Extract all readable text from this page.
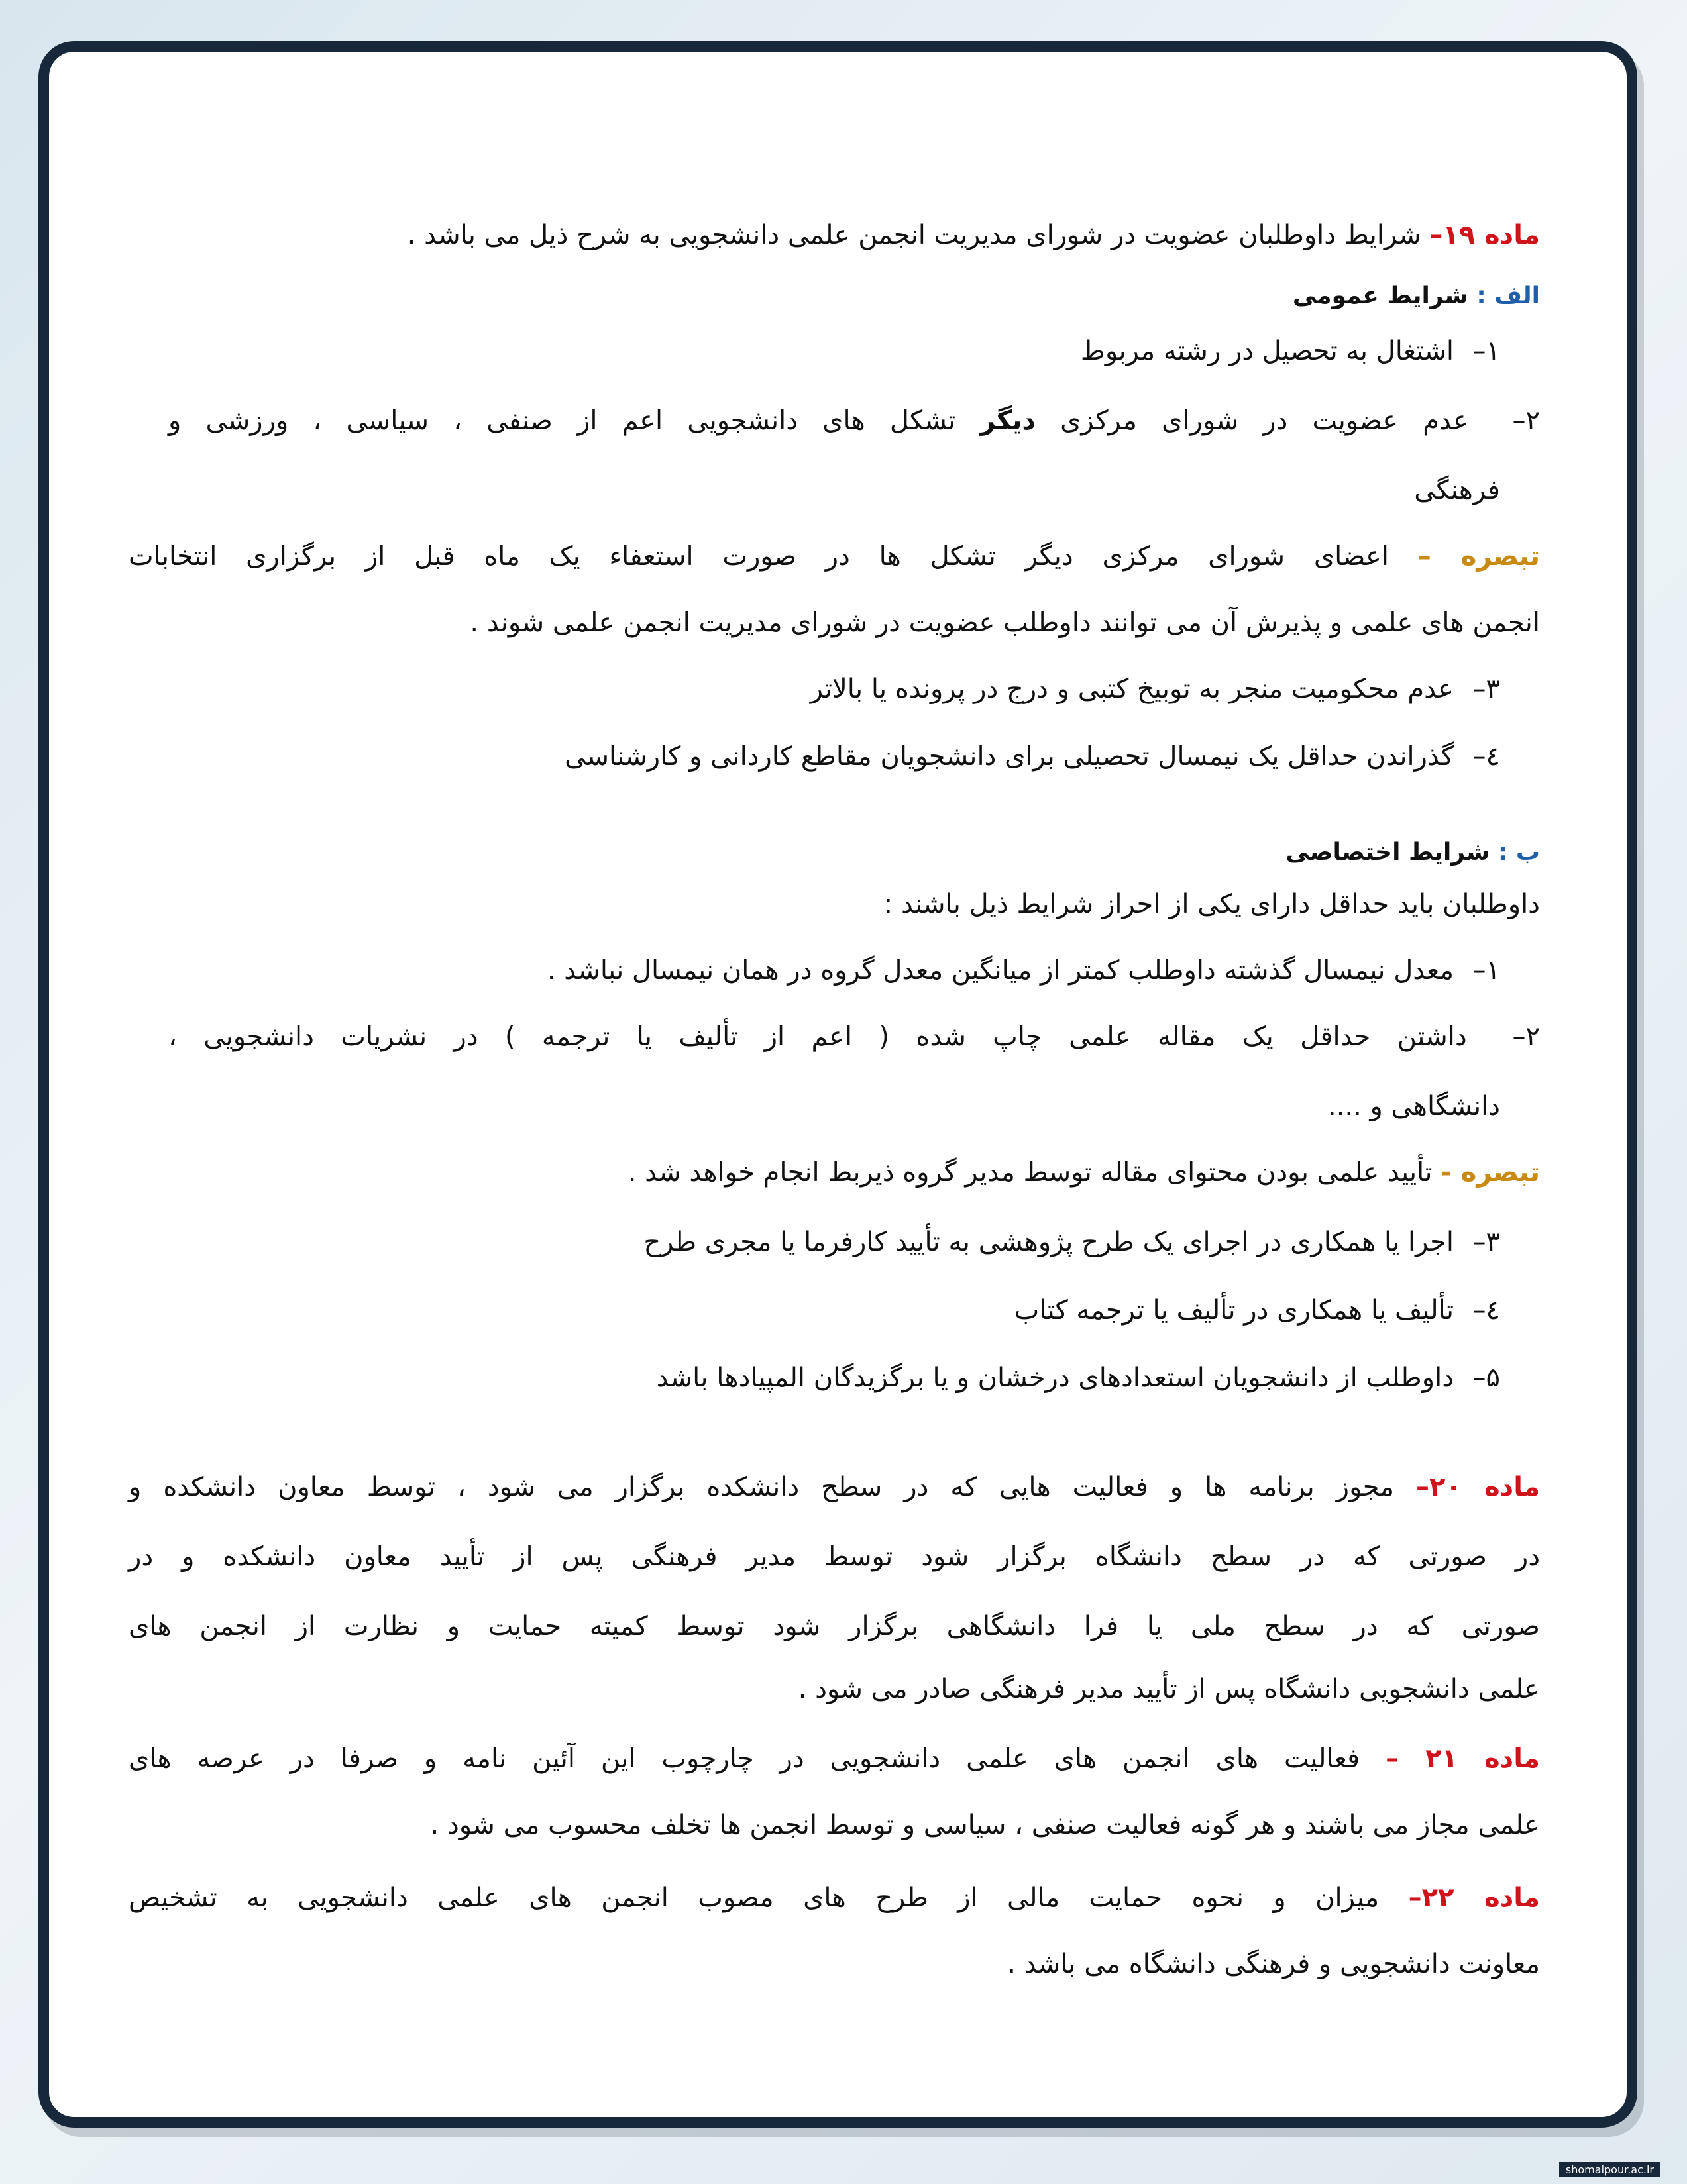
ماده ۱۹– شرایط داوطلبان عضویت در شورای مدیریت انجمن علمی دانشجویی به شرح ذیل می باشد .
الف : شرایط عمومی
۱–اشتغال به تحصیل در رشته مربوط
۲– عدم عضویت در شورای مرکزی دیگر تشکل های دانشجویی اعم از صنفی ، سیاسی ، ورزشی و
فرهنگی
تبصره – اعضای شورای مرکزی دیگر تشکل ها در صورت استعفاء یک ماه قبل از برگزاری انتخابات
انجمن های علمی و پذیرش آن می توانند داوطلب عضویت در شورای مدیریت انجمن علمی شوند .
۳–عدم محکومیت منجر به توبیخ کتبی و درج در پرونده یا بالاتر
٤–گذراندن حداقل یک نیمسال تحصیلی برای دانشجویان مقاطع کاردانی و کارشناسی
ب : شرایط اختصاصی
داوطلبان باید حداقل دارای یکی از احراز شرایط ذیل باشند :
۱–معدل نیمسال گذشته داوطلب کمتر از میانگین معدل گروه در همان نیمسال نباشد .
۲– داشتن حداقل یک مقاله علمی چاپ شده ( اعم از تألیف یا ترجمه ) در نشریات دانشجویی ،
دانشگاهی و ....
تبصره - تأیید علمی بودن محتوای مقاله توسط مدیر گروه ذیربط انجام خواهد شد .
۳–اجرا یا همکاری در اجرای یک طرح پژوهشی به تأیید کارفرما یا مجری طرح
٤–تألیف یا همکاری در تألیف یا ترجمه کتاب
۵–داوطلب از دانشجویان استعدادهای درخشان و یا برگزیدگان المپیادها باشد
ماده ۲۰– مجوز برنامه ها و فعالیت هایی که در سطح دانشکده برگزار می شود ، توسط معاون دانشکده و
در صورتی که در سطح دانشگاه برگزار شود توسط مدیر فرهنگی پس از تأیید معاون دانشکده و در
صورتی که در سطح ملی یا فرا دانشگاهی برگزار شود توسط کمیته حمایت و نظارت از انجمن های
علمی دانشجویی دانشگاه پس از تأیید مدیر فرهنگی صادر می شود .
ماده ۲۱ – فعالیت های انجمن های علمی دانشجویی در چارچوب این آئین نامه و صرفا در عرصه های
علمی مجاز می باشند و هر گونه فعالیت صنفی ، سیاسی و توسط انجمن ها تخلف محسوب می شود .
ماده ۲۲– میزان و نحوه حمایت مالی از طرح های مصوب انجمن های علمی دانشجویی به تشخیص
معاونت دانشجویی و فرهنگی دانشگاه می باشد .
shomaipour.ac.ir
